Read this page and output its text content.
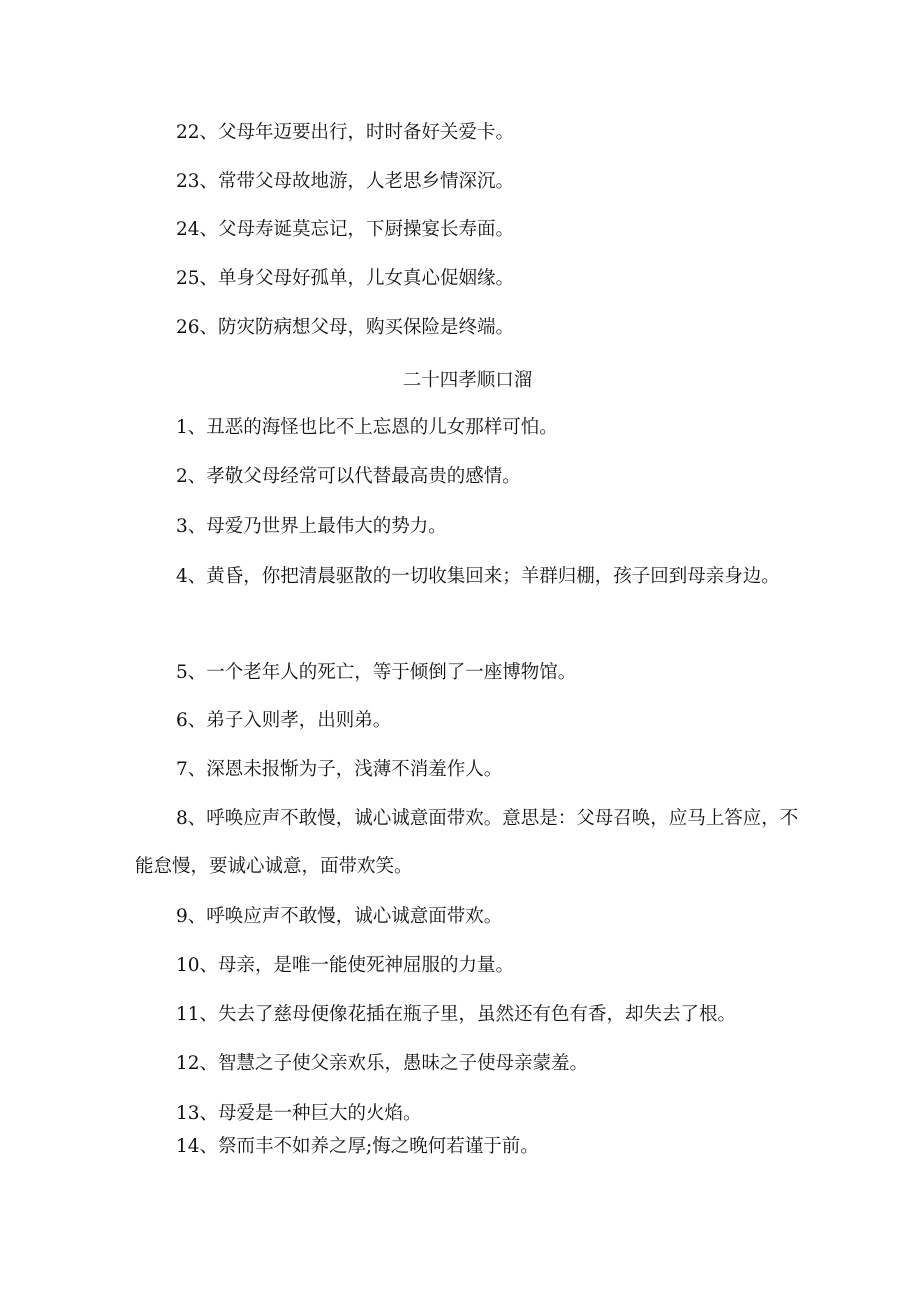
22、父母年迈要出行，时时备好关爱卡。
23、常带父母故地游，人老思乡情深沉。
24、父母寿诞莫忘记，下厨操宴长寿面。
25、单身父母好孤单，儿女真心促姻缘。
26、防灾防病想父母，购买保险是终端。
二十四孝顺口溜
1、丑恶的海怪也比不上忘恩的儿女那样可怕。
2、孝敬父母经常可以代替最高贵的感情。
3、母爱乃世界上最伟大的势力。
4、黄昏，你把清晨驱散的一切收集回来；羊群归棚，孩子回到母亲身边。
5、一个老年人的死亡，等于倾倒了一座博物馆。
6、弟子入则孝，出则弟。
7、深恩未报惭为子，浅薄不消羞作人。
8、呼唤应声不敢慢，诚心诚意面带欢。意思是：父母召唤，应马上答应，不能怠慢，要诚心诚意，面带欢笑。
9、呼唤应声不敢慢，诚心诚意面带欢。
10、母亲，是唯一能使死神屈服的力量。
11、失去了慈母便像花插在瓶子里，虽然还有色有香，却失去了根。
12、智慧之子使父亲欢乐，愚昧之子使母亲蒙羞。
13、母爱是一种巨大的火焰。
14、祭而丰不如养之厚;悔之晚何若谨于前。
